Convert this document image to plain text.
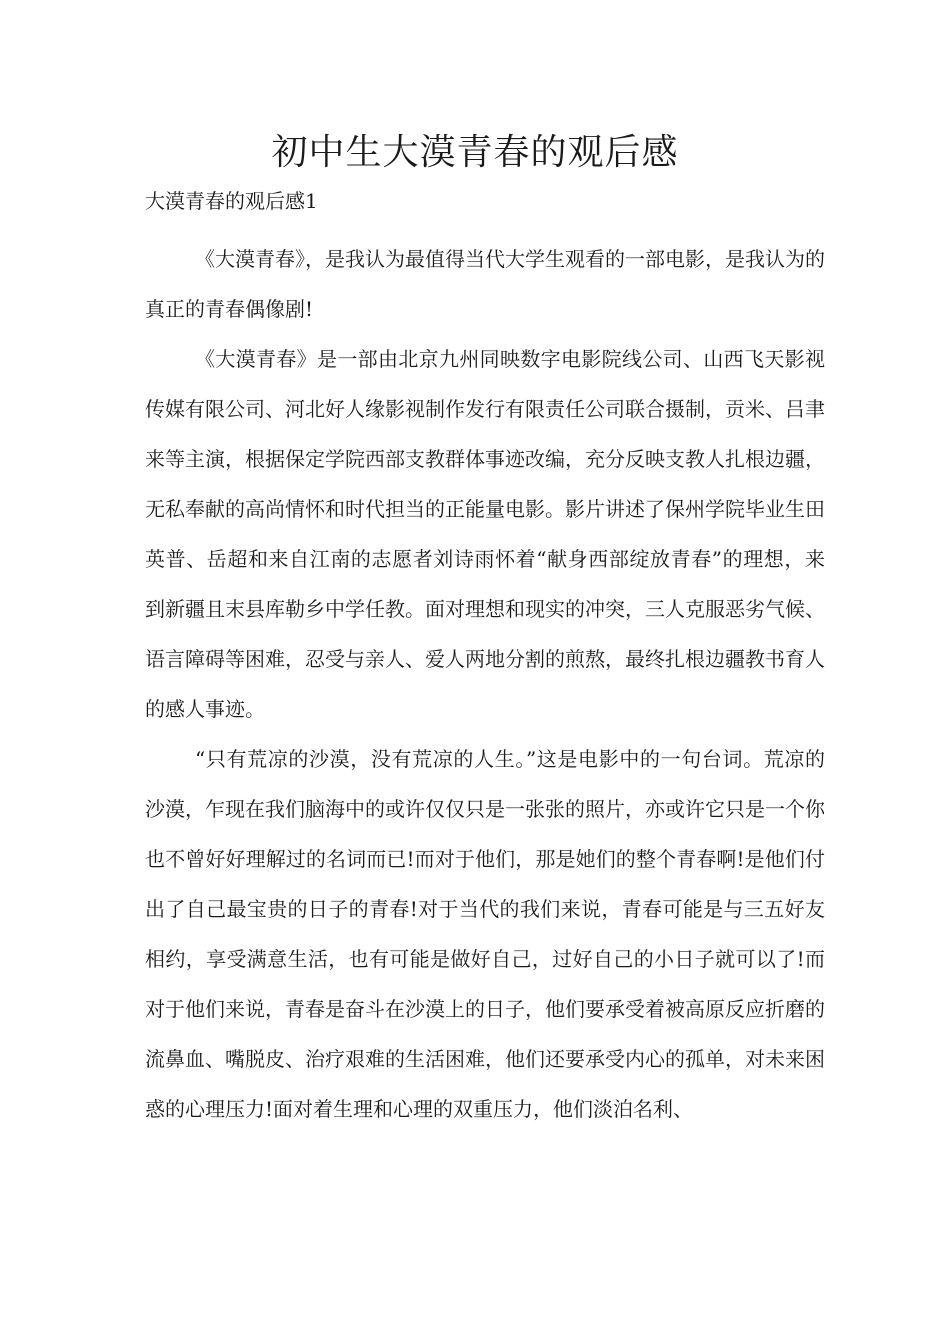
初中生大漠青春的观后感

大漠青春的观后感1

《大漠青春》，是我认为最值得当代大学生观看的一部电影，是我认为的真正的青春偶像剧!

《大漠青春》是一部由北京九州同映数字电影院线公司、山西飞天影视传媒有限公司、河北好人缘影视制作发行有限责任公司联合摄制，贡米、吕聿来等主演，根据保定学院西部支教群体事迹改编，充分反映支教人扎根边疆，无私奉献的高尚情怀和时代担当的正能量电影。影片讲述了保州学院毕业生田英普、岳超和来自江南的志愿者刘诗雨怀着“献身西部绽放青春”的理想，来到新疆且末县库勒乡中学任教。面对理想和现实的冲突，三人克服恶劣气候、语言障碍等困难，忍受与亲人、爱人两地分割的煎熬，最终扎根边疆教书育人的感人事迹。

“只有荒凉的沙漠，没有荒凉的人生。”这是电影中的一句台词。荒凉的沙漠，乍现在我们脑海中的或许仅仅只是一张张的照片，亦或许它只是一个你也不曾好好理解过的名词而已!而对于他们，那是她们的整个青春啊!是他们付出了自己最宝贵的日子的青春!对于当代的我们来说，青春可能是与三五好友相约，享受满意生活，也有可能是做好自己，过好自己的小日子就可以了!而对于他们来说，青春是奋斗在沙漠上的日子，他们要承受着被高原反应折磨的流鼻血、嘴脱皮、治疗艰难的生活困难，他们还要承受内心的孤单，对未来困惑的心理压力!面对着生理和心理的双重压力，他们淡泊名利、
